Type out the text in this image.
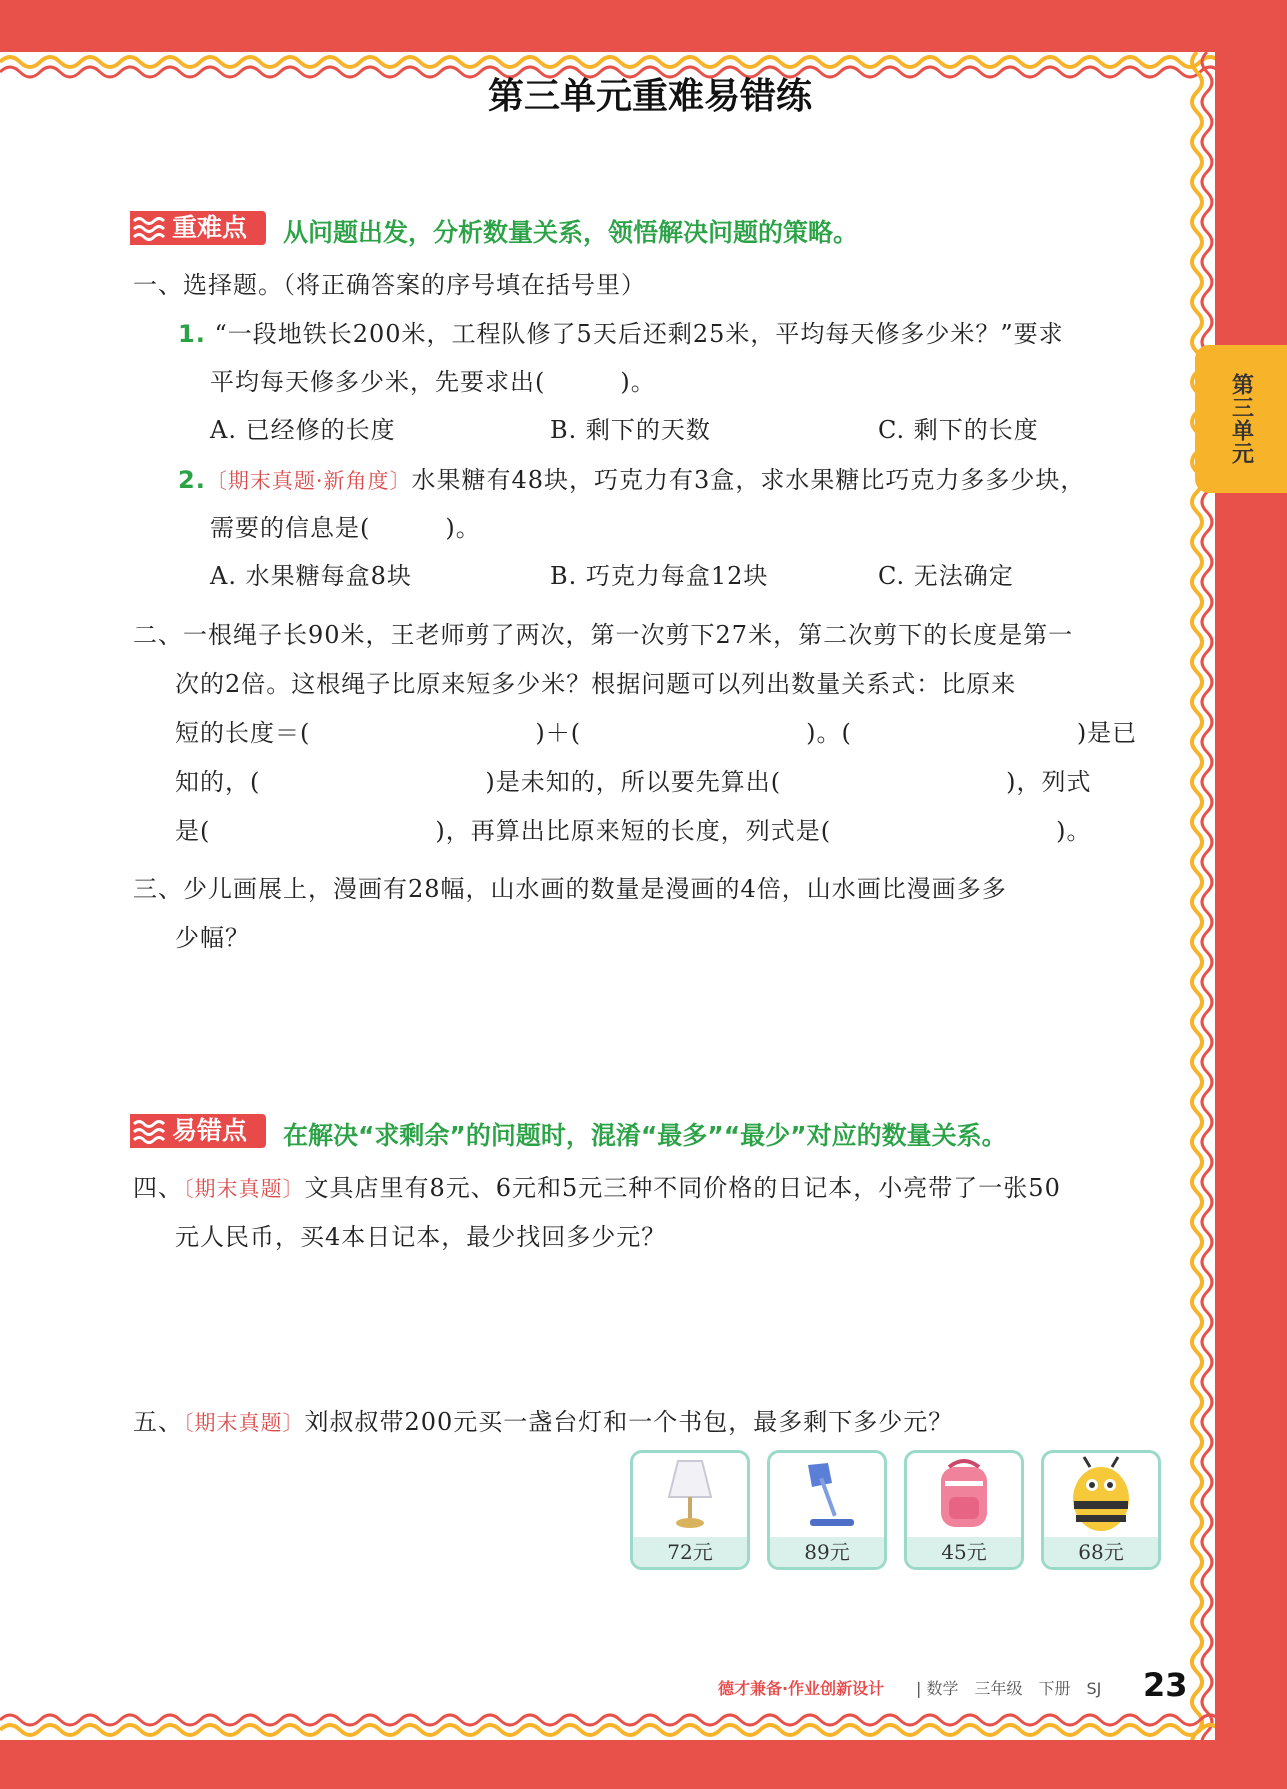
第三单元重难易错练
第三单元
重难点 从问题出发，分析数量关系，领悟解决问题的策略。
一、选择题。（将正确答案的序号填在括号里）
1. “一段地铁长200米，工程队修了5天后还剩25米，平均每天修多少米？”要求
平均每天修多少米，先要求出(　　　)。
A. 已经修的长度	B. 剩下的天数	C. 剩下的长度
2.〔期末真题·新角度〕水果糖有48块，巧克力有3盒，求水果糖比巧克力多多少块，
需要的信息是(　　　)。
A. 水果糖每盒8块	B. 巧克力每盒12块	C. 无法确定
二、一根绳子长90米，王老师剪了两次，第一次剪下27米，第二次剪下的长度是第一
次的2倍。这根绳子比原来短多少米？根据问题可以列出数量关系式：比原来
短的长度＝(　　　　　　　　　)＋(　　　　　　　　　)。(　　　　　　　　　)是已
知的，(　　　　　　　　　)是未知的，所以要先算出(　　　　　　　　　)，列式
是(　　　　　　　　　)，再算出比原来短的长度，列式是(　　　　　　　　　)。
三、少儿画展上，漫画有28幅，山水画的数量是漫画的4倍，山水画比漫画多多
少幅？
易错点 在解决“求剩余”的问题时，混淆“最多”“最少”对应的数量关系。
四、〔期末真题〕文具店里有8元、6元和5元三种不同价格的日记本，小亮带了一张50
元人民币，买4本日记本，最少找回多少元？
五、〔期末真题〕刘叔叔带200元买一盏台灯和一个书包，最多剩下多少元？
72元	89元	45元	68元
德才兼备·作业创新设计 | 数学　三年级　下册　SJ 23
